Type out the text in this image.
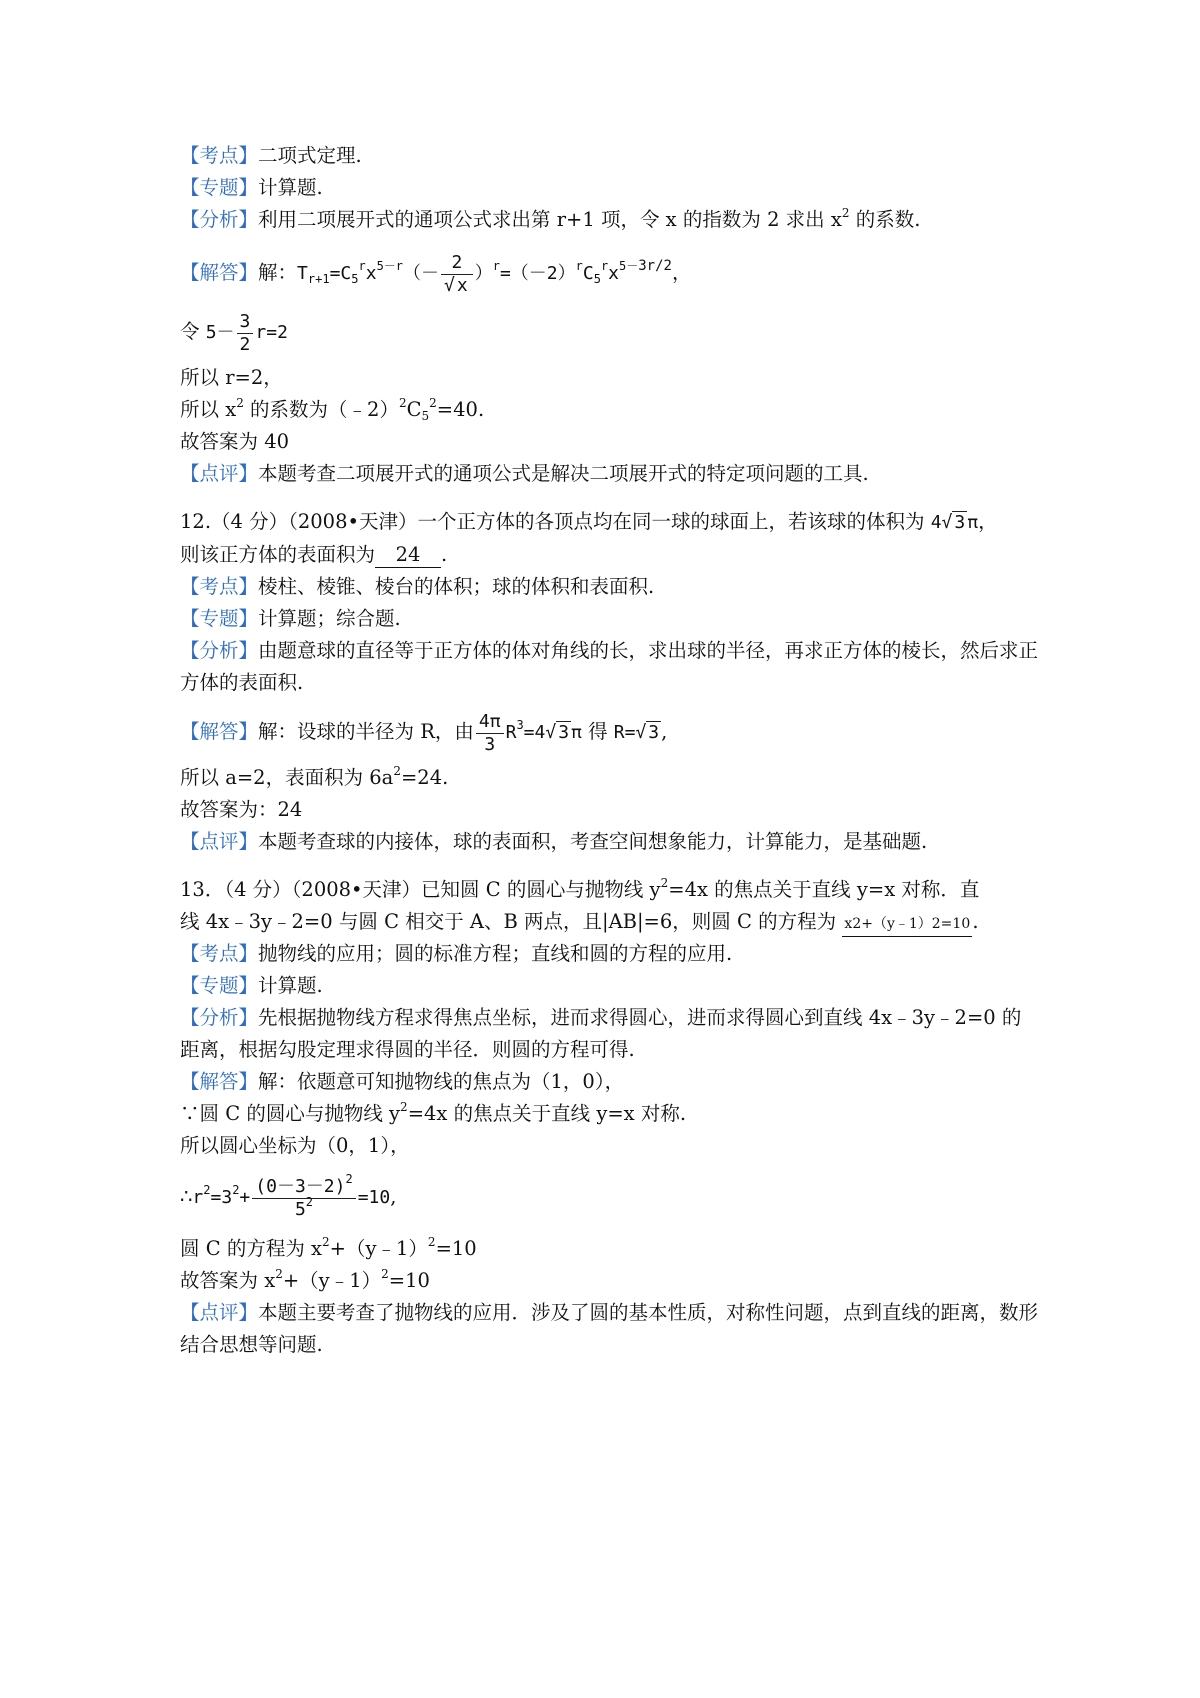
【考点】二项式定理.
【专题】计算题.
【分析】利用二项展开式的通项公式求出第 r+1 项，令 x 的指数为 2 求出 $x^2$ 的系数.
【解答】解：$T_{r+1}=C_5^rx^{5-r}(- \frac{2}{√ x} )^r=(-2)^rC_5^rx^{5-3r/2}$，
令 $5- \frac{3}{2} r=2$
所以 r=2，
所以 $x^2$ 的系数为$(﹣2)^2C_5^2=40$.
故答案为 40
【点评】本题考查二项展开式的通项公式是解决二项展开式的特定项问题的工具.
12.（4 分）（2008•天津）一个正方体的各顶点均在同一球的球面上，若该球的体积为 4√ 3 π，
则该正方体的表面积为 24 .
【考点】棱柱、棱锥、棱台的体积；球的体积和表面积.
【专题】计算题；综合题.
【分析】由题意球的直径等于正方体的体对角线的长，求出球的半径，再求正方体的棱长，然后求正方体的表面积.
【解答】解：设球的半径为 R，由 $\frac{4\pi}{3} R^3=4√$ 3 π 得 R=√ 3 ,
所以 a=2，表面积为 $6a^2=24$.
故答案为：24
【点评】本题考查球的内接体，球的表面积，考查空间想象能力，计算能力，是基础题.
13．（4 分）（2008•天津）已知圆 C 的圆心与抛物线 $y^2=4x$ 的焦点关于直线 y=x 对称．直
线 4x﹣3y﹣2=0 与圆 C 相交于 A、B 两点，且|AB|=6，则圆 C 的方程为 x2+（y﹣1）2=10 .
【考点】抛物线的应用；圆的标准方程；直线和圆的方程的应用.
【专题】计算题.
【分析】先根据抛物线方程求得焦点坐标，进而求得圆心，进而求得圆心到直线 4x﹣3y﹣2=0 的距离，根据勾股定理求得圆的半径．则圆的方程可得.
【解答】解：依题意可知抛物线的焦点为（1，0），
∵圆 C 的圆心与抛物线 $y^2=4x$ 的焦点关于直线 y=x 对称.
所以圆心坐标为（0，1），
$\therefore r^2=3^2+ \frac{(0-3-2)^2}{5^2} =10$,
圆 C 的方程为 $x^2+(y﹣1)^2=10$
故答案为 $x^2+(y﹣1)^2=10$
【点评】本题主要考查了抛物线的应用．涉及了圆的基本性质，对称性问题，点到直线的距离，数形结合思想等问题.
